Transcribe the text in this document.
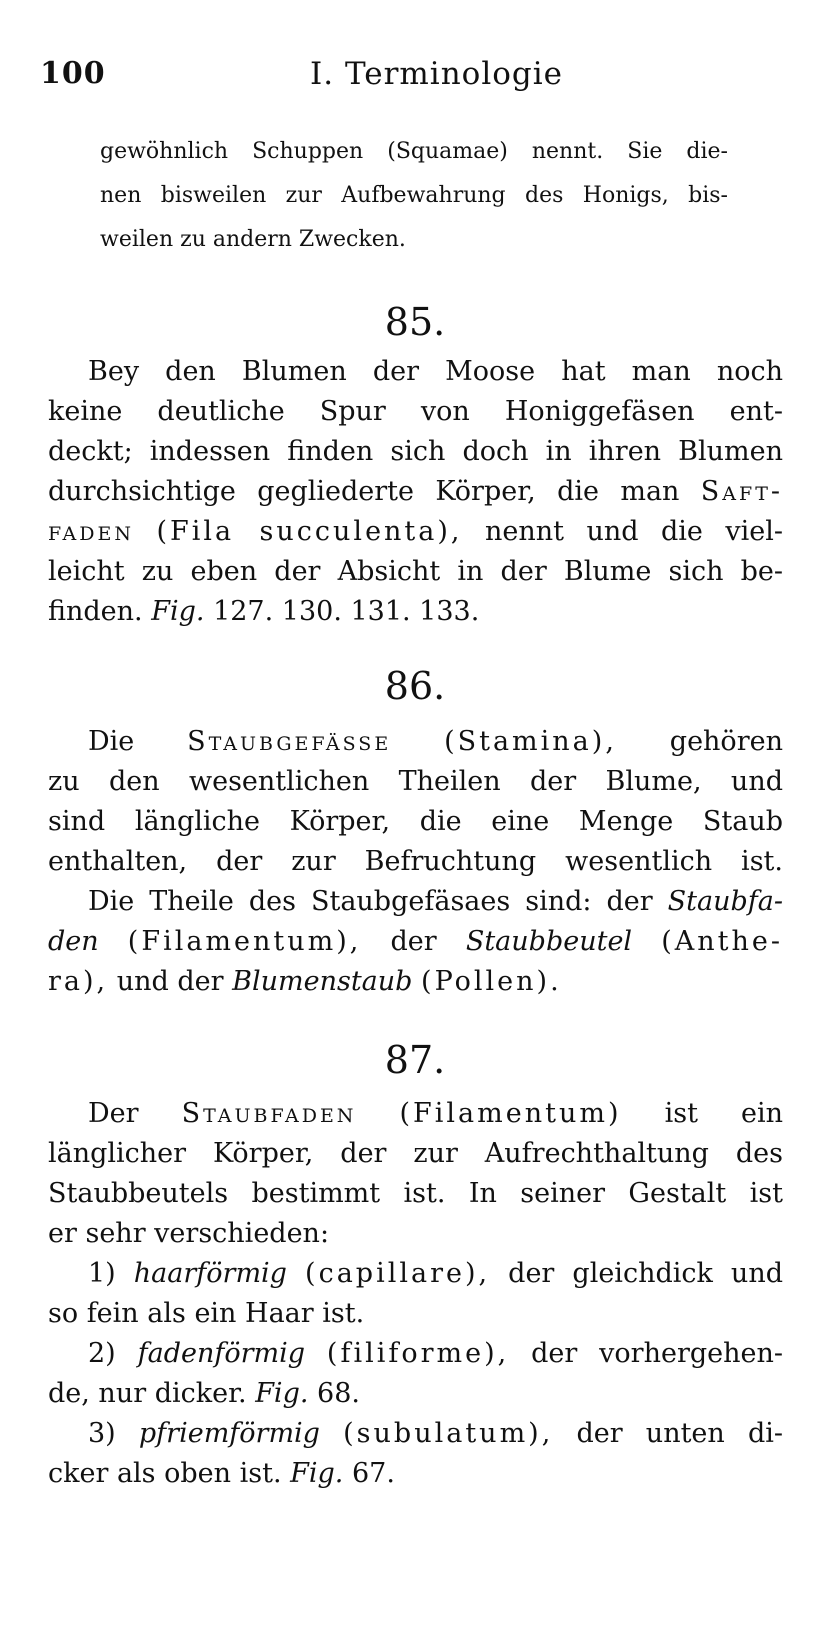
100	I. Terminologie
gewöhnlich Schuppen (Squamae) nennt. Sie die-
nen bisweilen zur Aufbewahrung des Honigs, bis-
weilen zu andern Zwecken.
85.
Bey den Blumen der Moose hat man noch
keine deutliche Spur von Honiggefäsen ent-
deckt; indessen finden sich doch in ihren Blumen
durchsichtige gegliederte Körper, die man Saft-
faden (Fila succulenta), nennt und die viel-
leicht zu eben der Absicht in der Blume sich be-
finden. Fig. 127. 130. 131. 133.
86.
Die Staubgefässe (Stamina), gehören
zu den wesentlichen Theilen der Blume, und
sind längliche Körper, die eine Menge Staub
enthalten, der zur Befruchtung wesentlich ist.
Die Theile des Staubgefäsaes sind: der Staubfa-
den (Filamentum), der Staubbeutel (Anthe-
ra), und der Blumenstaub (Pollen).
87.
Der Staubfaden (Filamentum) ist ein
länglicher Körper, der zur Aufrechthaltung des
Staubbeutels bestimmt ist. In seiner Gestalt ist
er sehr verschieden:
1) haarförmig (capillare), der gleichdick und
so fein als ein Haar ist.
2) fadenförmig (filiforme), der vorhergehen-
de, nur dicker. Fig. 68.
3) pfriemförmig (subulatum), der unten di-
cker als oben ist. Fig. 67.
